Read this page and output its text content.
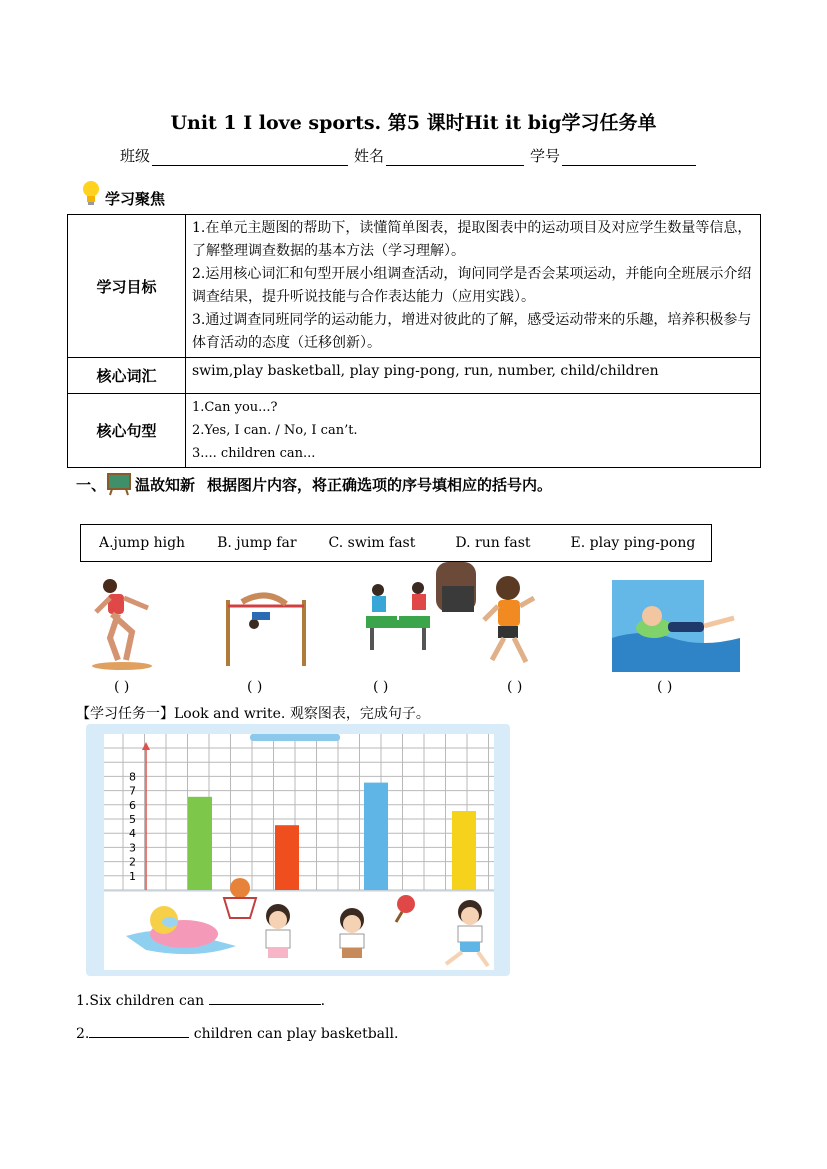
Unit 1 I love sports. 第5 课时Hit it big学习任务单
班级	姓名	学号
学习聚焦
学习目标	1.在单元主题图的帮助下，读懂简单图表，提取图表中的运动项目及对应学生数量等信息，了解整理调查数据的基本方法（学习理解）。

2.运用核心词汇和句型开展小组调查活动，询问同学是否会某项运动，并能向全班展示介绍调查结果，提升听说技能与合作表达能力（应用实践）。

3.通过调查同班同学的运动能力，增进对彼此的了解，感受运动带来的乐趣，培养积极参与体育活动的态度（迁移创新）。

核心词汇	swim,play basketball, play ping-pong, run, number, child/children
核心句型	1.Can you...?

2.Yes, I can. / No, I can’t.

3.... children can...

一、 温故知新 根据图片内容，将正确选项的序号填相应的括号内。
A.jump high B. jump far C. swim fast	D. run fast	E. play ping-pong
( )	( )	( )	( )	( )
【学习任务一】Look and write. 观察图表，完成句子。
1
2
3
4
5
6
7
8
1.Six children can	.
2.	children can play basketball.
